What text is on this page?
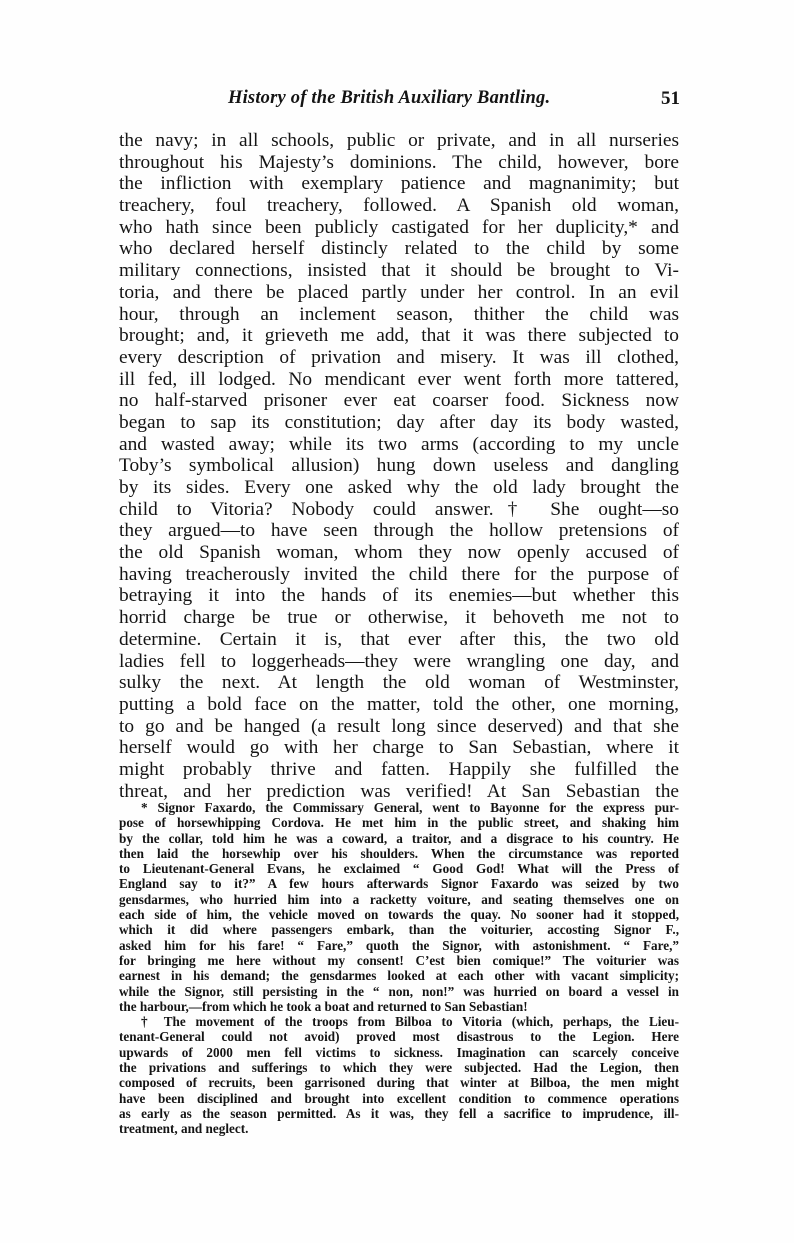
History of the British Auxiliary Bantling.	51
the navy; in all schools, public or private, and in all nurseries
throughout his Majesty’s dominions. The child, however, bore
the infliction with exemplary patience and magnanimity; but
treachery, foul treachery, followed. A Spanish old woman,
who hath since been publicly castigated for her duplicity,* and
who declared herself distincly related to the child by some
military connections, insisted that it should be brought to Vi-
toria, and there be placed partly under her control. In an evil
hour, through an inclement season, thither the child was
brought; and, it grieveth me add, that it was there subjected to
every description of privation and misery. It was ill clothed,
ill fed, ill lodged. No mendicant ever went forth more tattered,
no half-starved prisoner ever eat coarser food. Sickness now
began to sap its constitution; day after day its body wasted,
and wasted away; while its two arms (according to my uncle
Toby’s symbolical allusion) hung down useless and dangling
by its sides. Every one asked why the old lady brought the
child to Vitoria? Nobody could answer.† She ought—so
they argued—to have seen through the hollow pretensions of
the old Spanish woman, whom they now openly accused of
having treacherously invited the child there for the purpose of
betraying it into the hands of its enemies—but whether this
horrid charge be true or otherwise, it behoveth me not to
determine. Certain it is, that ever after this, the two old
ladies fell to loggerheads—they were wrangling one day, and
sulky the next. At length the old woman of Westminster,
putting a bold face on the matter, told the other, one morning,
to go and be hanged (a result long since deserved) and that she
herself would go with her charge to San Sebastian, where it
might probably thrive and fatten. Happily she fulfilled the
threat, and her prediction was verified! At San Sebastian the
* Signor Faxardo, the Commissary General, went to Bayonne for the express pur-
pose of horsewhipping Cordova. He met him in the public street, and shaking him
by the collar, told him he was a coward, a traitor, and a disgrace to his country. He
then laid the horsewhip over his shoulders. When the circumstance was reported
to Lieutenant-General Evans, he exclaimed “ Good God! What will the Press of
England say to it?” A few hours afterwards Signor Faxardo was seized by two
gensdarmes, who hurried him into a racketty voiture, and seating themselves one on
each side of him, the vehicle moved on towards the quay. No sooner had it stopped,
which it did where passengers embark, than the voiturier, accosting Signor F.,
asked him for his fare! “ Fare,” quoth the Signor, with astonishment. “ Fare,”
for bringing me here without my consent! C’est bien comique!” The voiturier was
earnest in his demand; the gensdarmes looked at each other with vacant simplicity;
while the Signor, still persisting in the “ non, non!” was hurried on board a vessel in
the harbour,—from which he took a boat and returned to San Sebastian!
† The movement of the troops from Bilboa to Vitoria (which, perhaps, the Lieu-
tenant-General could not avoid) proved most disastrous to the Legion. Here
upwards of 2000 men fell victims to sickness. Imagination can scarcely conceive
the privations and sufferings to which they were subjected. Had the Legion, then
composed of recruits, been garrisoned during that winter at Bilboa, the men might
have been disciplined and brought into excellent condition to commence operations
as early as the season permitted. As it was, they fell a sacrifice to imprudence, ill-
treatment, and neglect.
